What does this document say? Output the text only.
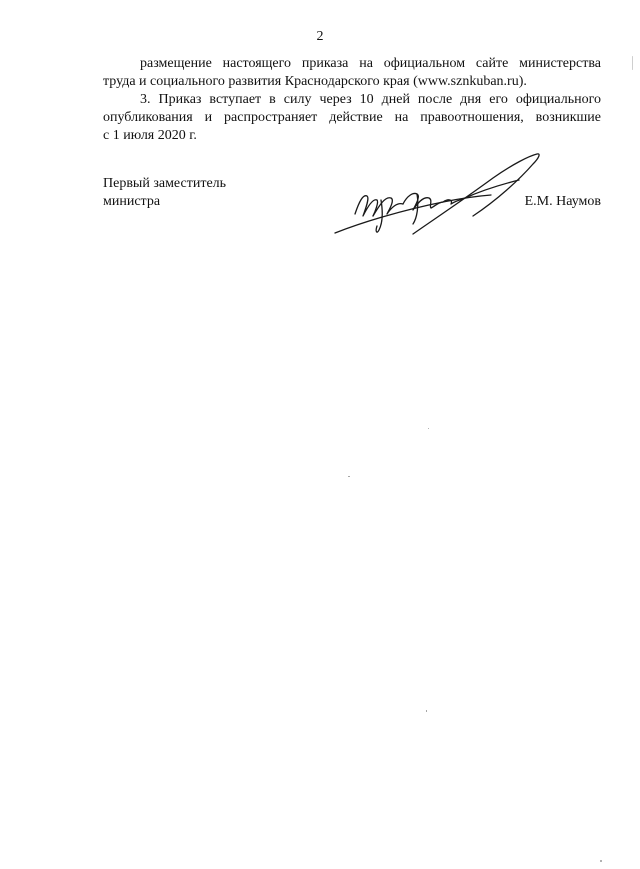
2
размещение настоящего приказа на официальном сайте министерства
труда и социального развития Краснодарского края (www.sznkuban.ru).
3. Приказ вступает в силу через 10 дней после дня его официального
опубликования и распространяет действие на правоотношения, возникшие
с 1 июля 2020 г.
Первый заместитель
министра	Е.М. Наумов
